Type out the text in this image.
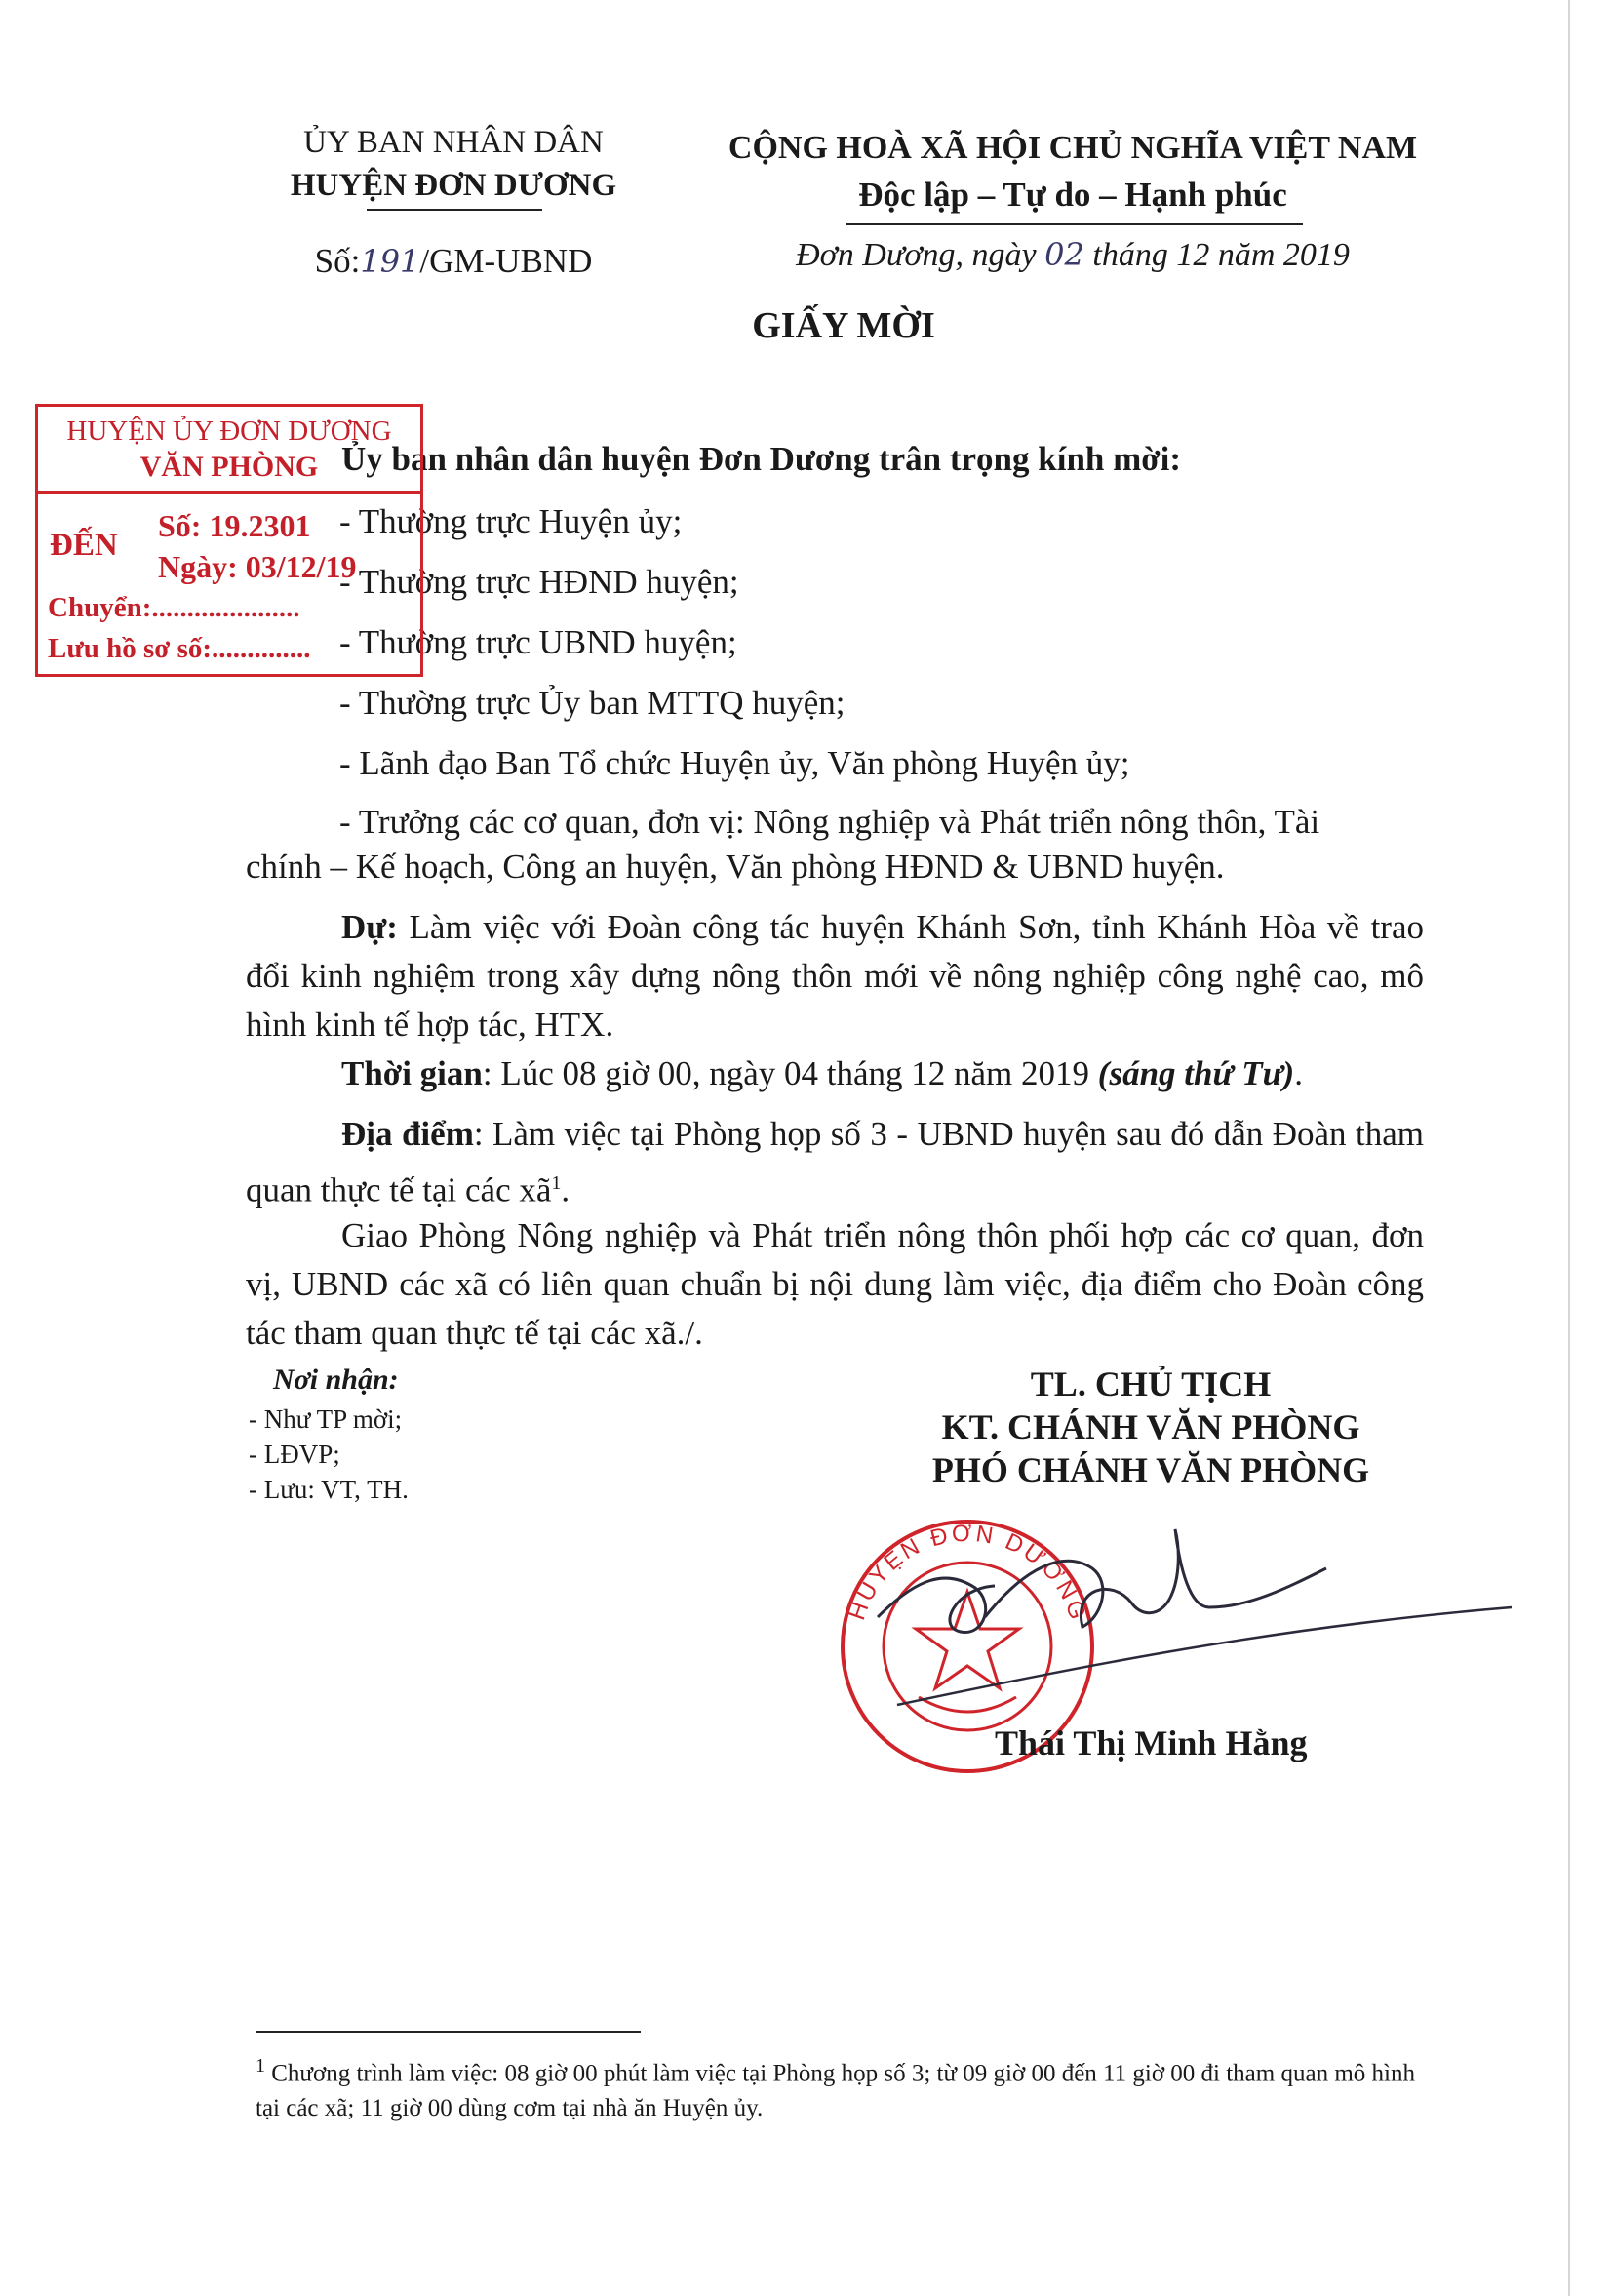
ỦY BAN NHÂN DÂN
HUYỆN ĐƠN DƯƠNG
Số:191/GM-UBND
CỘNG HOÀ XÃ HỘI CHỦ NGHĨA VIỆT NAM
Độc lập – Tự do – Hạnh phúc
Đơn Dương, ngày 02 tháng 12 năm 2019
GIẤY MỜI
Ủy ban nhân dân huyện Đơn Dương trân trọng kính mời:
- Thường trực Huyện ủy;
- Thường trực HĐND huyện;
- Thường trực UBND huyện;
- Thường trực Ủy ban MTTQ huyện;
- Lãnh đạo Ban Tổ chức Huyện ủy, Văn phòng Huyện ủy;
- Trưởng các cơ quan, đơn vị: Nông nghiệp và Phát triển nông thôn, Tài
chính – Kế hoạch, Công an huyện, Văn phòng HĐND & UBND huyện.
Dự: Làm việc với Đoàn công tác huyện Khánh Sơn, tỉnh Khánh Hòa về trao đổi kinh nghiệm trong xây dựng nông thôn mới về nông nghiệp công nghệ cao, mô hình kinh tế hợp tác, HTX.
Thời gian: Lúc 08 giờ 00, ngày 04 tháng 12 năm 2019 (sáng thứ Tư).
Địa điểm: Làm việc tại Phòng họp số 3 - UBND huyện sau đó dẫn Đoàn tham quan thực tế tại các $xã^1$.
Giao Phòng Nông nghiệp và Phát triển nông thôn phối hợp các cơ quan, đơn vị, UBND các xã có liên quan chuẩn bị nội dung làm việc, địa điểm cho Đoàn công tác tham quan thực tế tại các xã./.
HUYỆN ỦY ĐƠN DƯƠNG
VĂN PHÒNG
ĐẾN
Số: 19.2301
Ngày: 03/12/19
Chuyển:.....................
Lưu hồ sơ số:..............
Nơi nhận:
- Như TP mời;
- LĐVP;
- Lưu: VT, TH.
TL. CHỦ TỊCH
KT. CHÁNH VĂN PHÒNG
PHÓ CHÁNH VĂN PHÒNG
HUYỆN ĐƠN DƯƠNG
Thái Thị Minh Hằng
$^1$ Chương trình làm việc: 08 giờ 00 phút làm việc tại Phòng họp số 3; từ 09 giờ 00 đến 11 giờ 00 đi tham quan mô hình tại các xã; 11 giờ 00 dùng cơm tại nhà ăn Huyện ủy.
